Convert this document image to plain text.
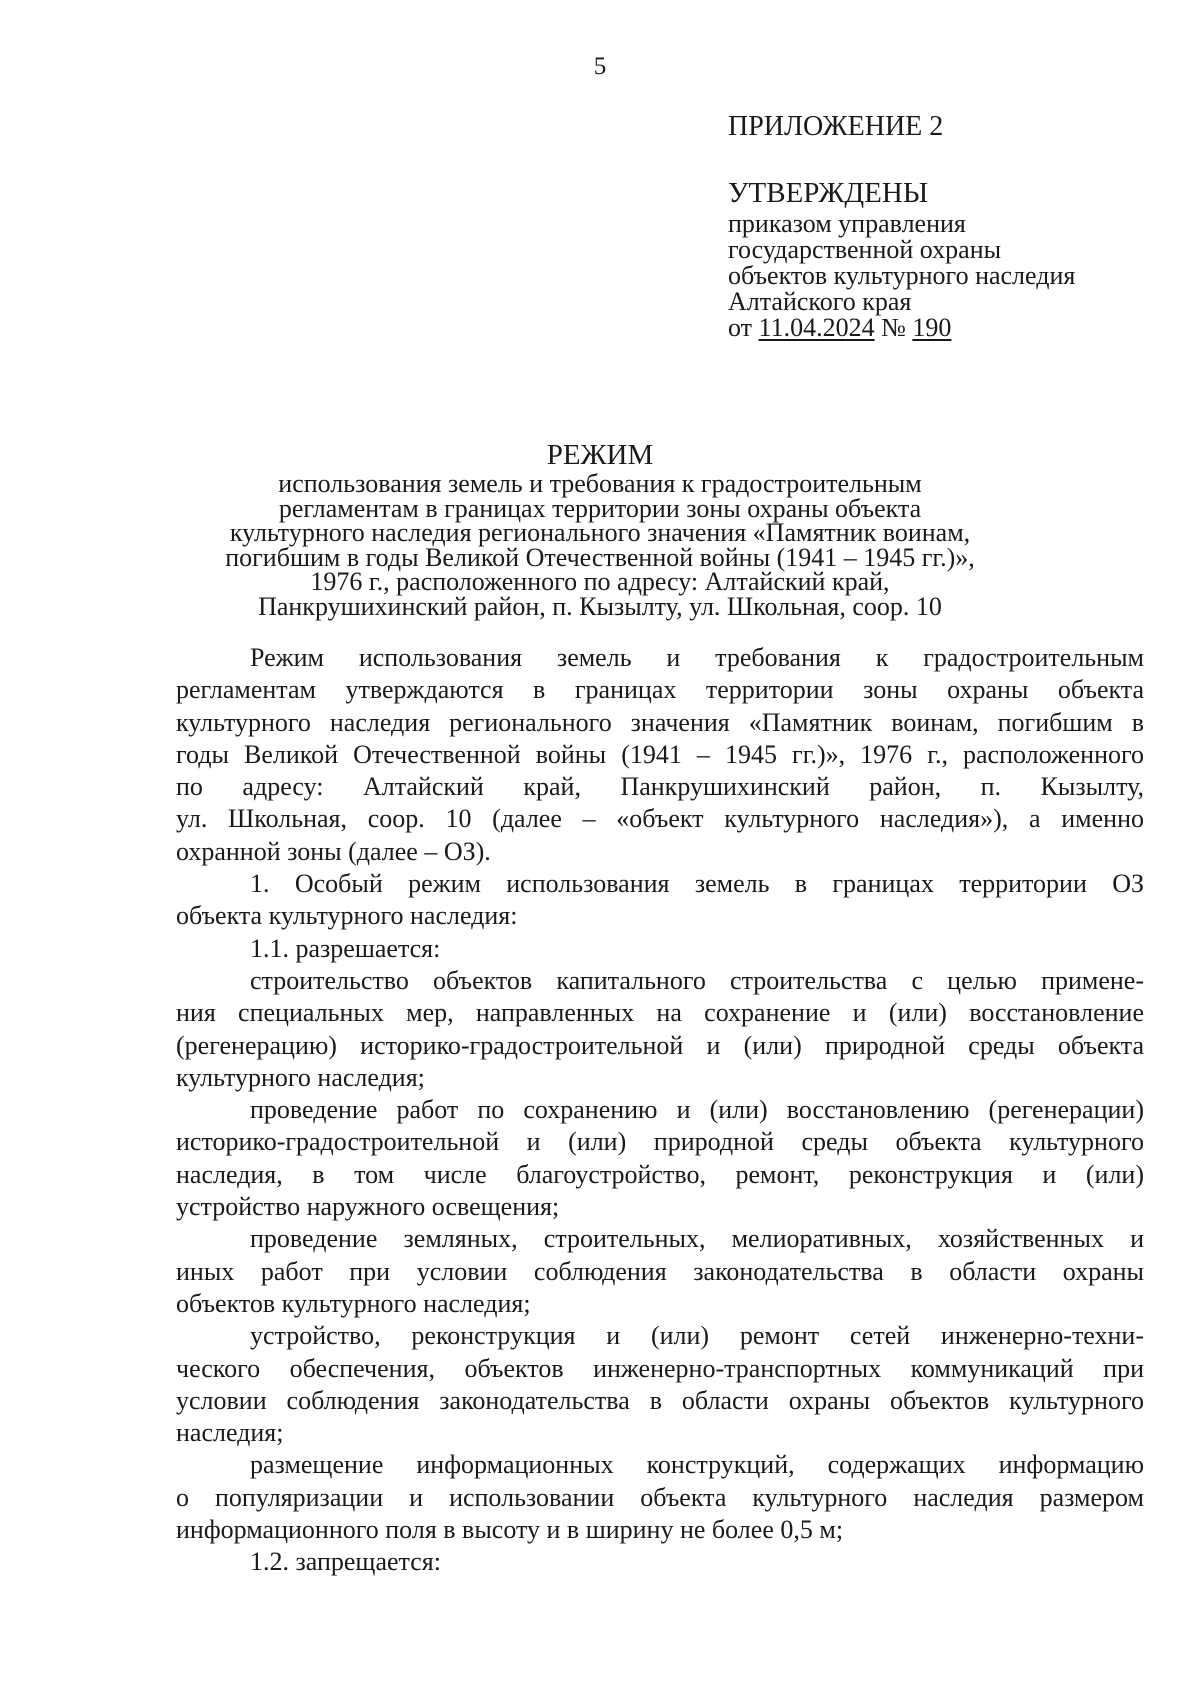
5
ПРИЛОЖЕНИЕ 2
УТВЕРЖДЕНЫ
приказом управления
государственной охраны
объектов культурного наследия
Алтайского края
от 11.04.2024 № 190
РЕЖИМ
использования земель и требования к градостроительным
регламентам в границах территории зоны охраны объекта
культурного наследия регионального значения «Памятник воинам,
погибшим в годы Великой Отечественной войны (1941 – 1945 гг.)»,
1976 г., расположенного по адресу: Алтайский край,
Панкрушихинский район, п. Кызылту, ул. Школьная, соор. 10
Режим использования земель и требования к градостроительным
регламентам утверждаются в границах территории зоны охраны объекта
культурного наследия регионального значения «Памятник воинам, погибшим в
годы Великой Отечественной войны (1941 – 1945 гг.)», 1976 г., расположенного
по адресу: Алтайский край, Панкрушихинский район, п. Кызылту,
ул. Школьная, соор. 10 (далее – «объект культурного наследия»), а именно
охранной зоны (далее – ОЗ).
1. Особый режим использования земель в границах территории ОЗ
объекта культурного наследия:
1.1. разрешается:
строительство объектов капитального строительства с целью примене-
ния специальных мер, направленных на сохранение и (или) восстановление
(регенерацию) историко-градостроительной и (или) природной среды объекта
культурного наследия;
проведение работ по сохранению и (или) восстановлению (регенерации)
историко-градостроительной и (или) природной среды объекта культурного
наследия, в том числе благоустройство, ремонт, реконструкция и (или)
устройство наружного освещения;
проведение земляных, строительных, мелиоративных, хозяйственных и
иных работ при условии соблюдения законодательства в области охраны
объектов культурного наследия;
устройство, реконструкция и (или) ремонт сетей инженерно-техни-
ческого обеспечения, объектов инженерно-транспортных коммуникаций при
условии соблюдения законодательства в области охраны объектов культурного
наследия;
размещение информационных конструкций, содержащих информацию
о популяризации и использовании объекта культурного наследия размером
информационного поля в высоту и в ширину не более 0,5 м;
1.2. запрещается:
